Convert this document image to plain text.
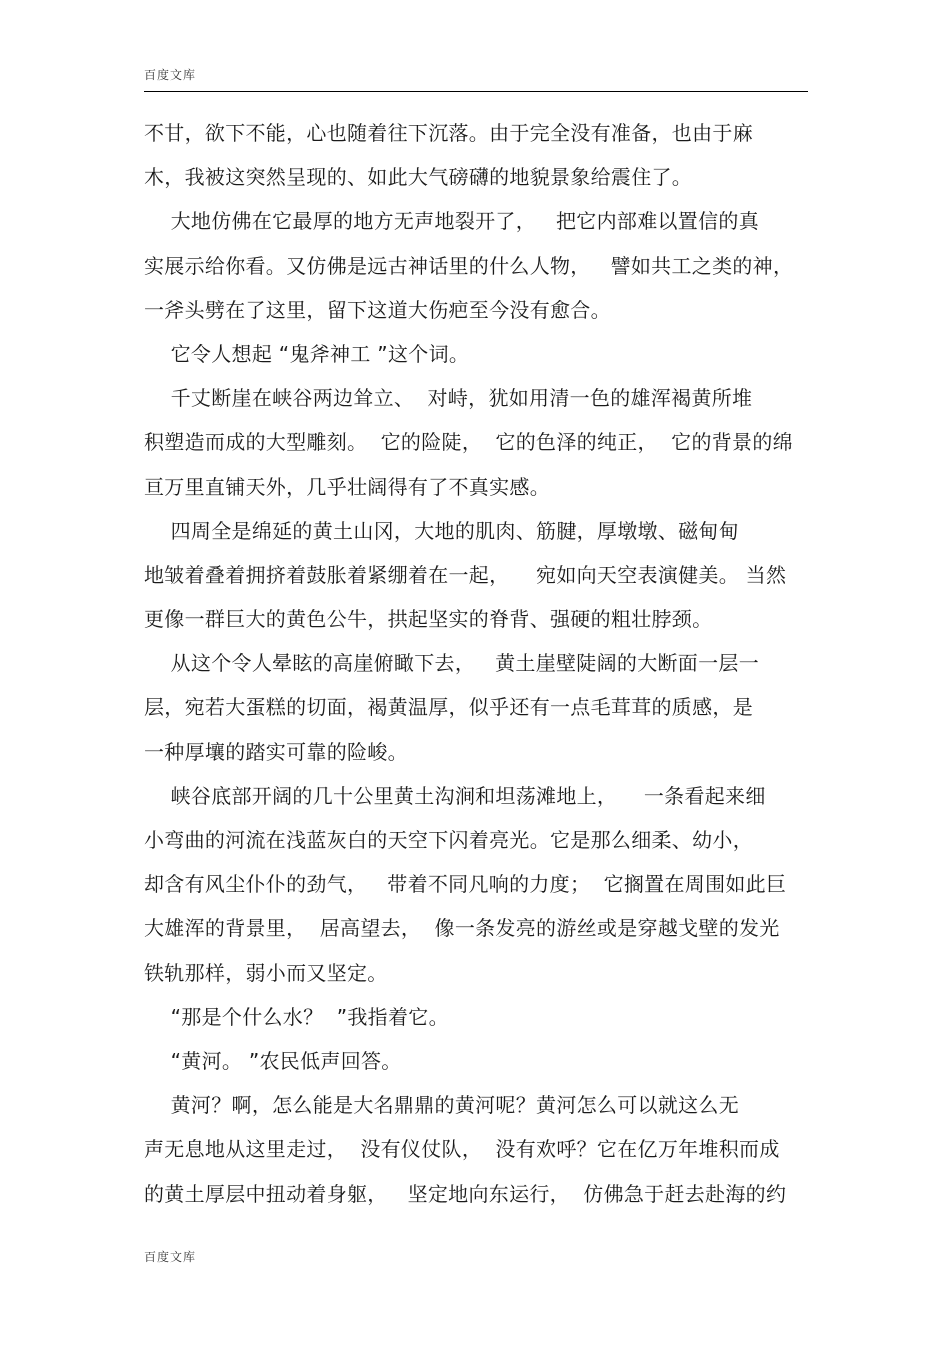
百度文库
不甘，欲下不能，心也随着往下沉落。由于完全没有准备，也由于麻
木，我被这突然呈现的、如此大气磅礴的地貌景象给震住了。
大地仿佛在它最厚的地方无声地裂开了，   把它内部难以置信的真
实展示给你看。又仿佛是远古神话里的什么人物，   譬如共工之类的神，
一斧头劈在了这里，留下这道大伤疤至今没有愈合。
它令人想起 “鬼斧神工 ”这个词。
千丈断崖在峡谷两边耸立、  对峙，犹如用清一色的雄浑褐黄所堆
积塑造而成的大型雕刻。  它的险陡，  它的色泽的纯正，  它的背景的绵
亘万里直铺天外，几乎壮阔得有了不真实感。
四周全是绵延的黄土山冈，大地的肌肉、筋腱，厚墩墩、磁甸甸
地皱着叠着拥挤着鼓胀着紧绷着在一起，    宛如向天空表演健美。 当然
更像一群巨大的黄色公牛，拱起坚实的脊背、强硬的粗壮脖颈。
从这个令人晕眩的高崖俯瞰下去，   黄土崖壁陡阔的大断面一层一
层，宛若大蛋糕的切面，褐黄温厚，似乎还有一点毛茸茸的质感，是
一种厚壤的踏实可靠的险峻。
峡谷底部开阔的几十公里黄土沟涧和坦荡滩地上，    一条看起来细
小弯曲的河流在浅蓝灰白的天空下闪着亮光。它是那么细柔、幼小，
却含有风尘仆仆的劲气，   带着不同凡响的力度；  它搁置在周围如此巨
大雄浑的背景里，  居高望去，  像一条发亮的游丝或是穿越戈壁的发光
铁轨那样，弱小而又坚定。
“那是个什么水？  ”我指着它。
“黄河。 ”农民低声回答。
黄河？啊，怎么能是大名鼎鼎的黄河呢？黄河怎么可以就这么无
声无息地从这里走过，  没有仪仗队，  没有欢呼？它在亿万年堆积而成
的黄土厚层中扭动着身躯，   坚定地向东运行，  仿佛急于赶去赴海的约
百度文库
